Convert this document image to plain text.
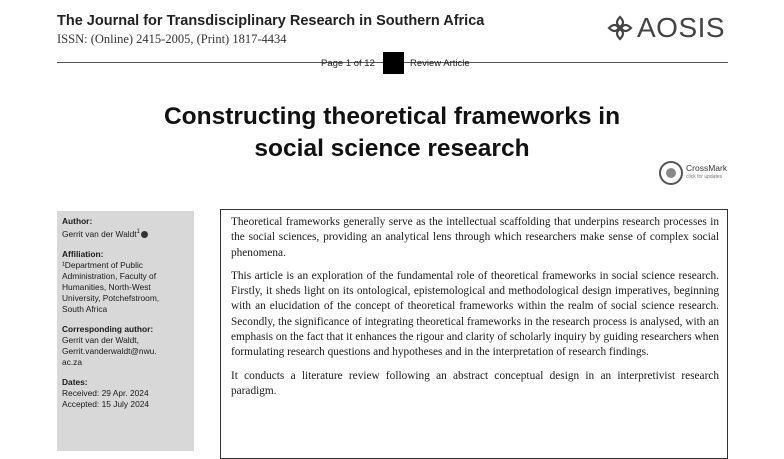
The Journal for Transdisciplinary Research in Southern Africa
ISSN: (Online) 2415-2005, (Print) 1817-4434	AOSIS
Page 1 of 12	Review Article
Constructing theoretical frameworks in
social science research
CrossMark
click for updates
Author:
Gerrit van der Waldt$^1$
Affiliation:
¹Department of Public
Administration, Faculty of
Humanities, North-West
University, Potchefstroom,
South Africa
Corresponding author:
Gerrit van der Waldt,
Gerrit.vanderwaldt@nwu.
ac.za
Dates:
Received: 29 Apr. 2024
Accepted: 15 July 2024

Theoretical frameworks generally serve as the intellectual scaffolding that underpins research processes in the social sciences, providing an analytical lens through which researchers make sense of complex social phenomena.

This article is an exploration of the fundamental role of theoretical frameworks in social science research. Firstly, it sheds light on its ontological, epistemological and methodological design imperatives, beginning with an elucidation of the concept of theoretical frameworks within the realm of social science research. Secondly, the significance of integrating theoretical frameworks in the research process is analysed, with an emphasis on the fact that it enhances the rigour and clarity of scholarly inquiry by guiding researchers when formulating research questions and hypotheses and in the interpretation of research findings.

It conducts a literature review following an abstract conceptual design in an interpretivist research paradigm.
